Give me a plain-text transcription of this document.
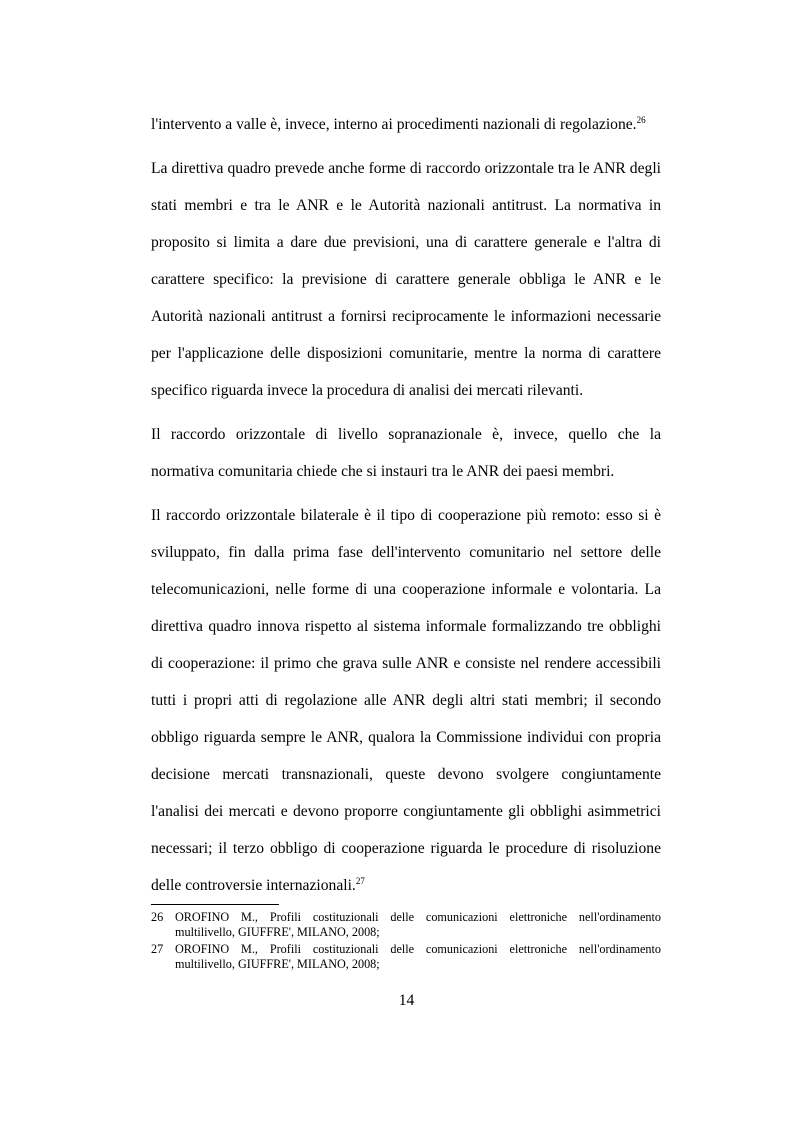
l'intervento a valle è, invece, interno ai procedimenti nazionali di regolazione.$^{26}$

La direttiva quadro prevede anche forme di raccordo orizzontale tra le ANR degli stati membri e tra le ANR e le Autorità nazionali antitrust. La normativa in proposito si limita a dare due previsioni, una di carattere generale e l'altra di carattere specifico: la previsione di carattere generale obbliga le ANR e le Autorità nazionali antitrust a fornirsi reciprocamente le informazioni necessarie per l'applicazione delle disposizioni comunitarie, mentre la norma di carattere specifico riguarda invece la procedura di analisi dei mercati rilevanti.

Il raccordo orizzontale di livello sopranazionale è, invece, quello che la normativa comunitaria chiede che si instauri tra le ANR dei paesi membri.

Il raccordo orizzontale bilaterale è il tipo di cooperazione più remoto: esso si è sviluppato, fin dalla prima fase dell'intervento comunitario nel settore delle telecomunicazioni, nelle forme di una cooperazione informale e volontaria. La direttiva quadro innova rispetto al sistema informale formalizzando tre obblighi di cooperazione: il primo che grava sulle ANR e consiste nel rendere accessibili tutti i propri atti di regolazione alle ANR degli altri stati membri; il secondo obbligo riguarda sempre le ANR, qualora la Commissione individui con propria decisione mercati transnazionali, queste devono svolgere congiuntamente l'analisi dei mercati e devono proporre congiuntamente gli obblighi asimmetrici necessari; il terzo obbligo di cooperazione riguarda le procedure di risoluzione delle controversie internazionali.$^{27}$

26 OROFINO M., Profili costituzionali delle comunicazioni elettroniche nell'ordinamento multilivello, GIUFFRE', MILANO, 2008;

27 OROFINO M., Profili costituzionali delle comunicazioni elettroniche nell'ordinamento multilivello, GIUFFRE', MILANO, 2008;

14
